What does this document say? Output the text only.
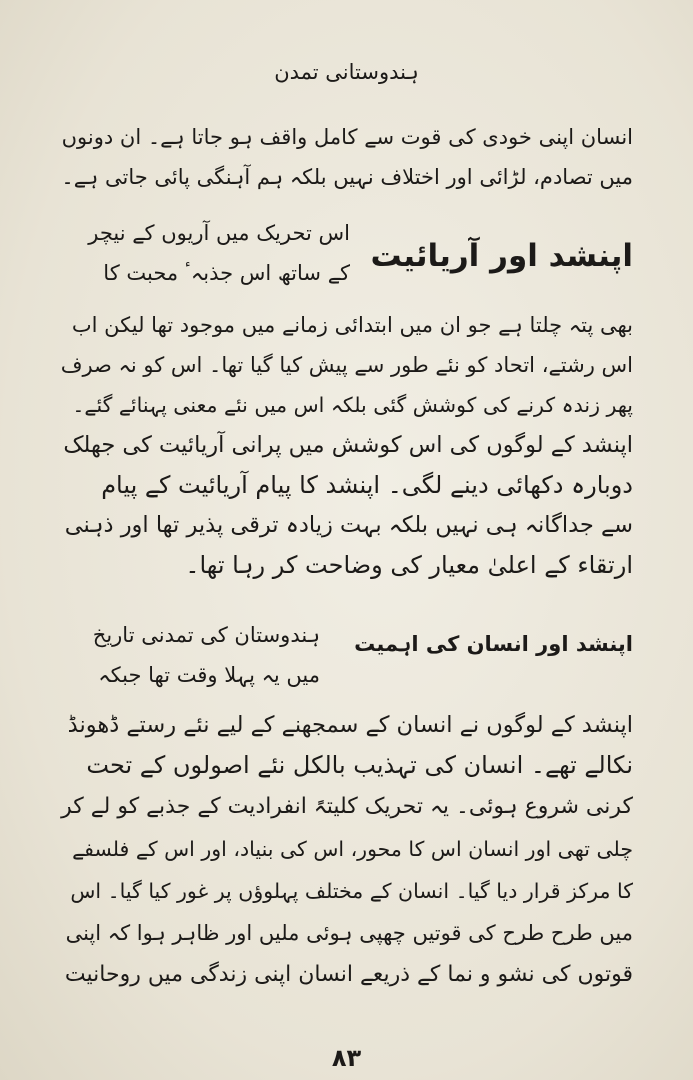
ہندوستانی تمدن
انسان اپنی خودی کی قوت سے کامل واقف ہو جاتا ہے۔ ان دونوں
میں تصادم، لڑائی اور اختلاف نہیں بلکہ ہم آہنگی پائی جاتی ہے۔
اپنشد اور آریائیت
اس تحریک میں آریوں کے نیچر
کے ساتھ اس جذبہٴ محبت کا
بھی پتہ چلتا ہے جو ان میں ابتدائی زمانے میں موجود تھا لیکن اب
اس رشتے، اتحاد کو نئے طور سے پیش کیا گیا تھا۔ اس کو نہ صرف
پھر زندہ کرنے کی کوشش گئی بلکہ اس میں نئے معنی پہنائے گئے۔
اپنشد کے لوگوں کی اس کوشش میں پرانی آریائیت کی جھلک
دوبارہ دکھائی دینے لگی۔ اپنشد کا پیام آریائیت کے پیام
سے جداگانہ ہی نہیں بلکہ بہت زیادہ ترقی پذیر تھا اور ذہنی
ارتقاء کے اعلیٰ معیار کی وضاحت کر رہا تھا۔
اپنشد اور انسان کی اہمیت
ہندوستان کی تمدنی تاریخ
میں یہ پہلا وقت تھا جبکہ
اپنشد کے لوگوں نے انسان کے سمجھنے کے لیے نئے رستے ڈھونڈ
نکالے تھے۔ انسان کی تہذیب بالکل نئے اصولوں کے تحت
کرنی شروع ہوئی۔ یہ تحریک کلیتہً انفرادیت کے جذبے کو لے کر
چلی تھی اور انسان اس کا محور، اس کی بنیاد، اور اس کے فلسفے
کا مرکز قرار دیا گیا۔ انسان کے مختلف پہلوؤں پر غور کیا گیا۔ اس
میں طرح طرح کی قوتیں چھپی ہوئی ملیں اور ظاہر ہوا کہ اپنی
قوتوں کی نشو و نما کے ذریعے انسان اپنی زندگی میں روحانیت
۸۳
